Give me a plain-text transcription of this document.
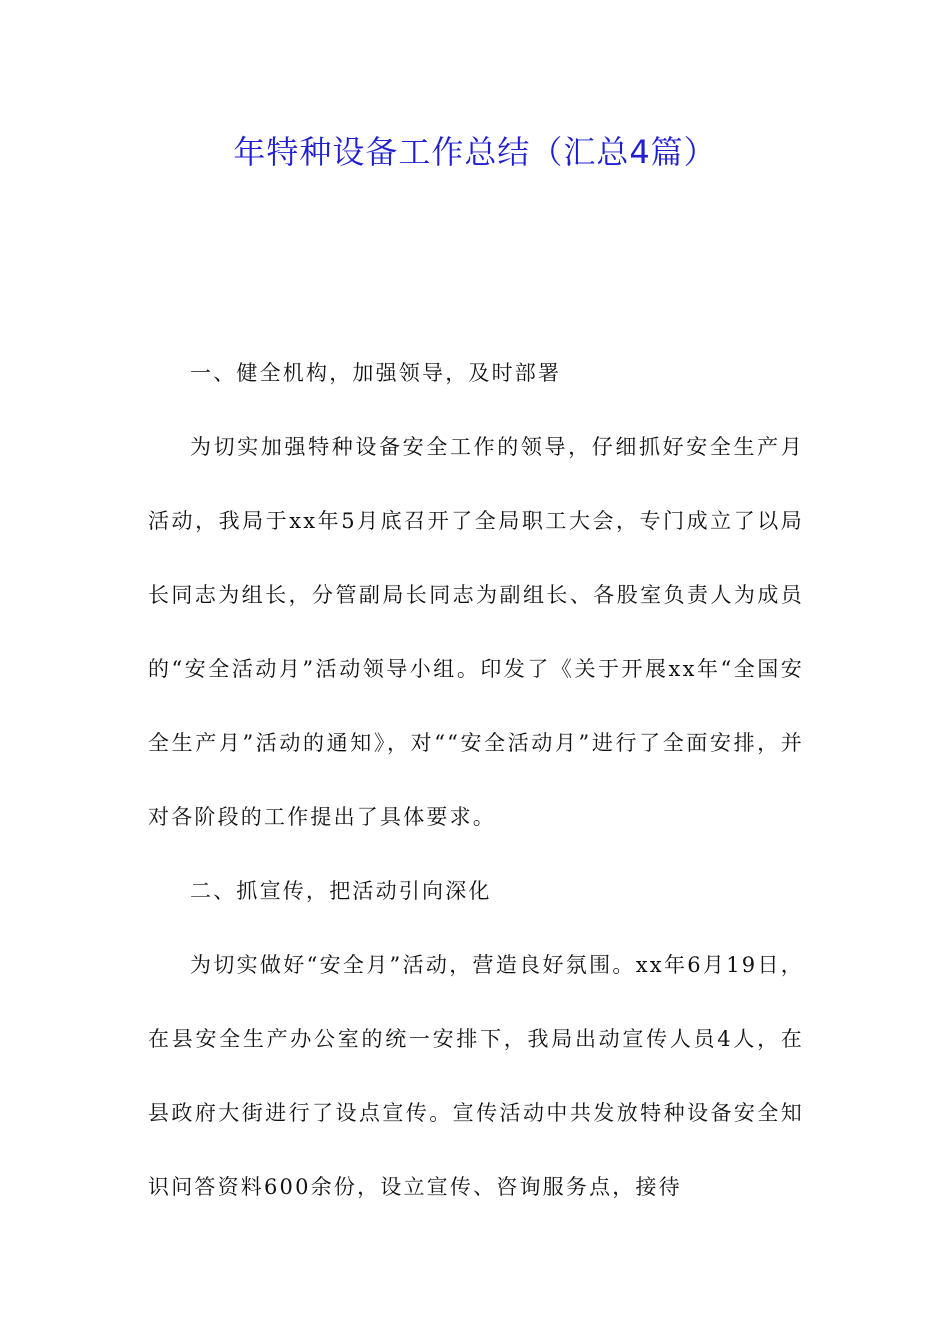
年特种设备工作总结（汇总4篇）

一、健全机构，加强领导，及时部署

为切实加强特种设备安全工作的领导，仔细抓好安全生产月活动，我局于xx年5月底召开了全局职工大会，专门成立了以局长同志为组长，分管副局长同志为副组长、各股室负责人为成员的“安全活动月”活动领导小组。印发了《关于开展xx年“全国安全生产月”活动的通知》，对““安全活动月”进行了全面安排，并对各阶段的工作提出了具体要求。

二、抓宣传，把活动引向深化

为切实做好“安全月”活动，营造良好氛围。xx年6月19日，在县安全生产办公室的统一安排下，我局出动宣传人员4人，在县政府大街进行了设点宣传。宣传活动中共发放特种设备安全知识问答资料600余份，设立宣传、咨询服务点，接待
